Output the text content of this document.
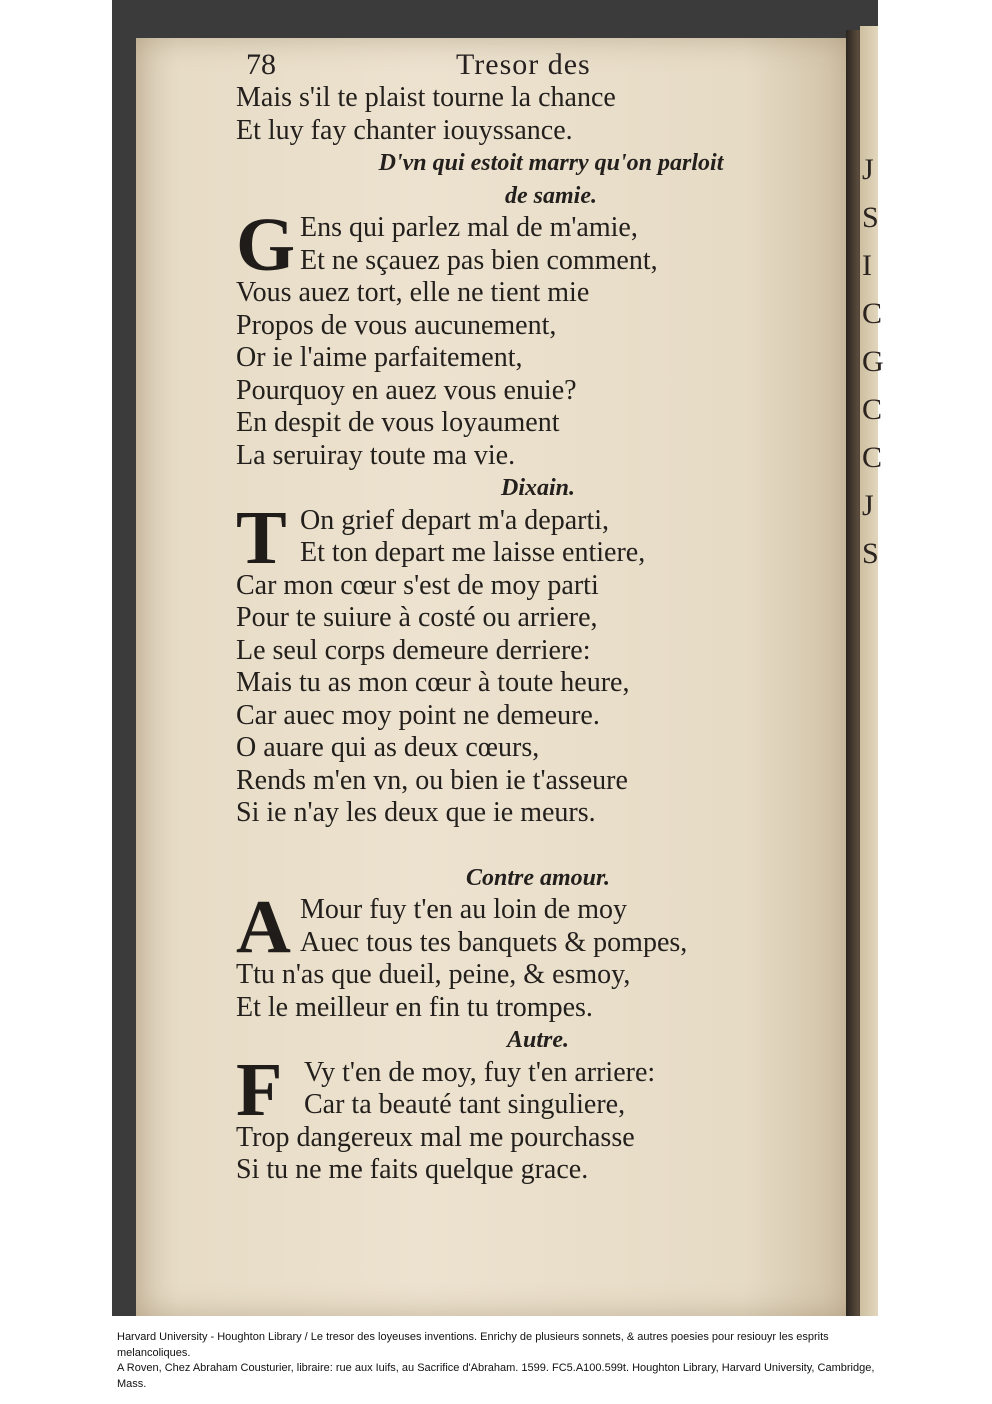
78	Tresor des
Mais s'il te plaist tourne la chance
Et luy fay chanter iouyssance.
D'vn qui estoit marry qu'on parloit
de samie.
G Ens qui parlez mal de m'amie,
Et ne sçauez pas bien comment,
Vous auez tort, elle ne tient mie
Propos de vous aucunement,
Or ie l'aime parfaitement,
Pourquoy en auez vous enuie?
En despit de vous loyaument
La seruiray toute ma vie.
Dixain.
T On grief depart m'a departi,
Et ton depart me laisse entiere,
Car mon cœur s'est de moy parti
Pour te suiure à costé ou arriere,
Le seul corps demeure derriere:
Mais tu as mon cœur à toute heure,
Car auec moy point ne demeure.
O auare qui as deux cœurs,
Rends m'en vn, ou bien ie t'asseure
Si ie n'ay les deux que ie meurs.
Contre amour.
A Mour fuy t'en au loin de moy
Auec tous tes banquets & pompes,
Ttu n'as que dueil, peine, & esmoy,
Et le meilleur en fin tu trompes.
Autre.
F Vy t'en de moy, fuy t'en arriere:
Car ta beauté tant singuliere,
Trop dangereux mal me pourchasse
Si tu ne me faits quelque grace.
J
S
I
C
G
C
C
J
S

Harvard University - Houghton Library / Le tresor des loyeuses inventions. Enrichy de plusieurs sonnets, & autres poesies pour resiouyr les esprits melancoliques.

A Roven, Chez Abraham Cousturier, libraire: rue aux Iuifs, au Sacrifice d'Abraham. 1599. FC5.A100.599t. Houghton Library, Harvard University, Cambridge, Mass.
